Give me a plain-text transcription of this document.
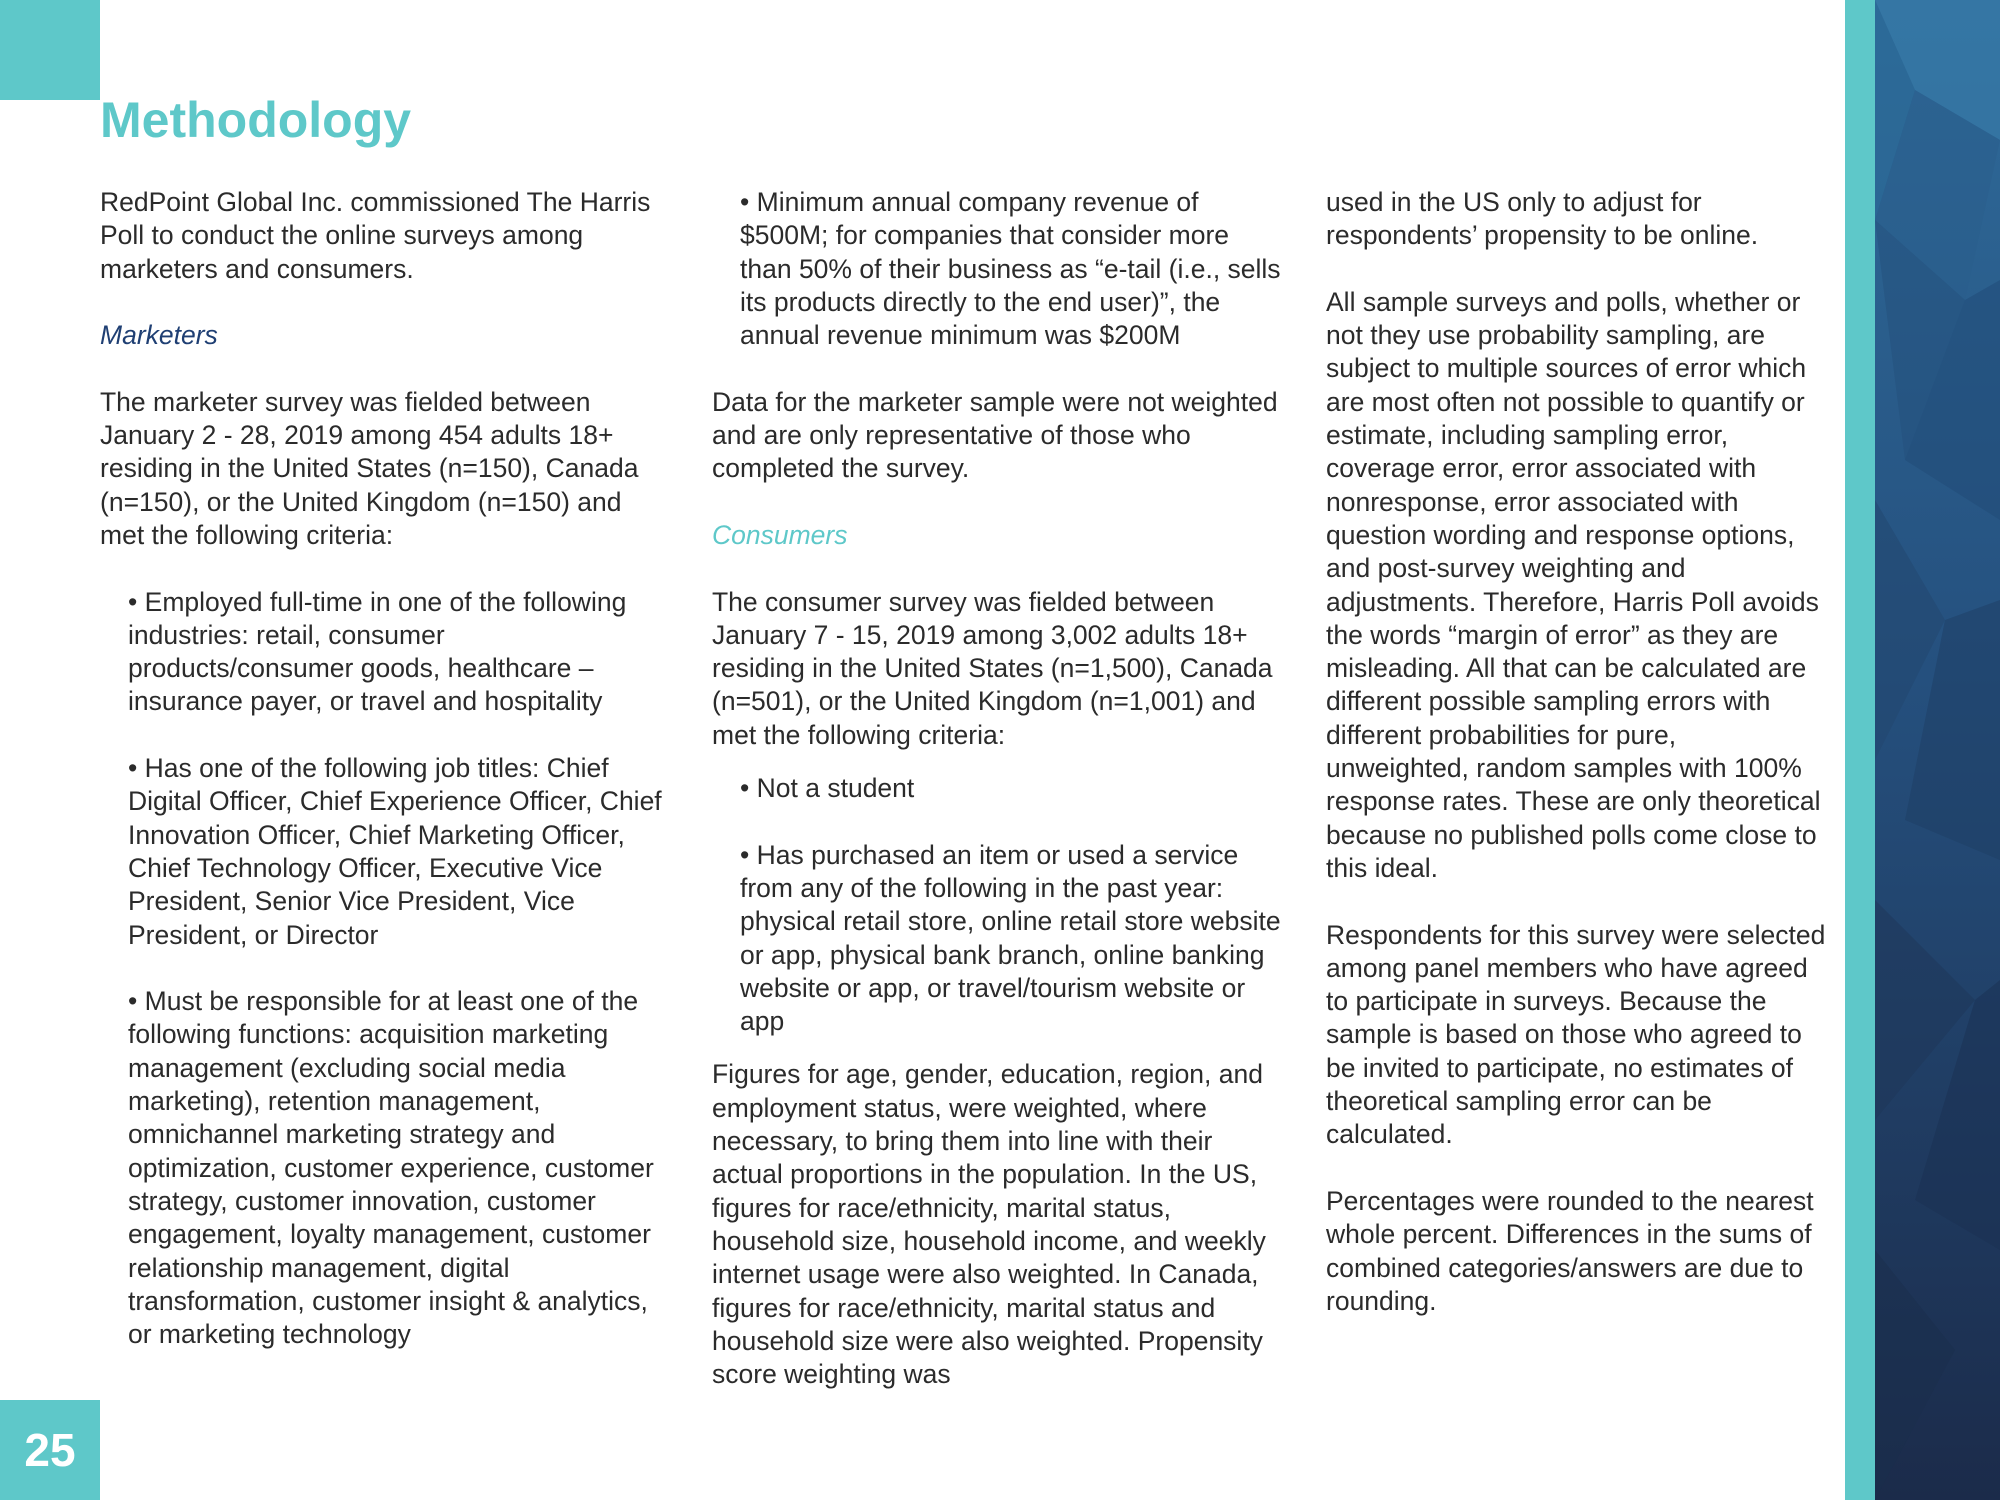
Methodology

RedPoint Global Inc. commissioned The Harris Poll to conduct the online surveys among marketers and consumers.

Marketers

The marketer survey was fielded between January 2 - 28, 2019 among 454 adults 18+ residing in the United States (n=150), Canada (n=150), or the United Kingdom (n=150) and met the following criteria:

• Employed full-time in one of the following industries: retail, consumer products/consumer goods, healthcare – insurance payer, or travel and hospitality

• Has one of the following job titles: Chief Digital Officer, Chief Experience Officer, Chief Innovation Officer, Chief Marketing Officer, Chief Technology Officer, Executive Vice President, Senior Vice President, Vice President, or Director

• Must be responsible for at least one of the following functions: acquisition marketing management (excluding social media marketing), retention management, omnichannel marketing strategy and optimization, customer experience, customer strategy, customer innovation, customer engagement, loyalty management, customer relationship management, digital transformation, customer insight & analytics, or marketing technology

• Minimum annual company revenue of $500M; for companies that consider more than 50% of their business as “e-tail (i.e., sells its products directly to the end user)”, the annual revenue minimum was $200M

Data for the marketer sample were not weighted and are only representative of those who completed the survey.

Consumers

The consumer survey was fielded between January 7 - 15, 2019 among 3,002 adults 18+ residing in the United States (n=1,500), Canada (n=501), or the United Kingdom (n=1,001) and met the following criteria:

• Not a student

• Has purchased an item or used a service from any of the following in the past year: physical retail store, online retail store website or app, physical bank branch, online banking website or app, or travel/tourism website or app

Figures for age, gender, education, region, and employment status, were weighted, where necessary, to bring them into line with their actual proportions in the population. In the US, figures for race/ethnicity, marital status, household size, household income, and weekly internet usage were also weighted. In Canada, figures for race/ethnicity, marital status and household size were also weighted. Propensity score weighting was

used in the US only to adjust for respondents’ propensity to be online.

All sample surveys and polls, whether or not they use probability sampling, are subject to multiple sources of error which are most often not possible to quantify or estimate, including sampling error, coverage error, error associated with nonresponse, error associated with question wording and response options, and post-survey weighting and adjustments. Therefore, Harris Poll avoids the words “margin of error” as they are misleading. All that can be calculated are different possible sampling errors with different probabilities for pure, unweighted, random samples with 100% response rates. These are only theoretical because no published polls come close to this ideal.

Respondents for this survey were selected among panel members who have agreed to participate in surveys. Because the sample is based on those who agreed to be invited to participate, no estimates of theoretical sampling error can be calculated.

Percentages were rounded to the nearest whole percent. Differences in the sums of combined categories/answers are due to rounding.

25
